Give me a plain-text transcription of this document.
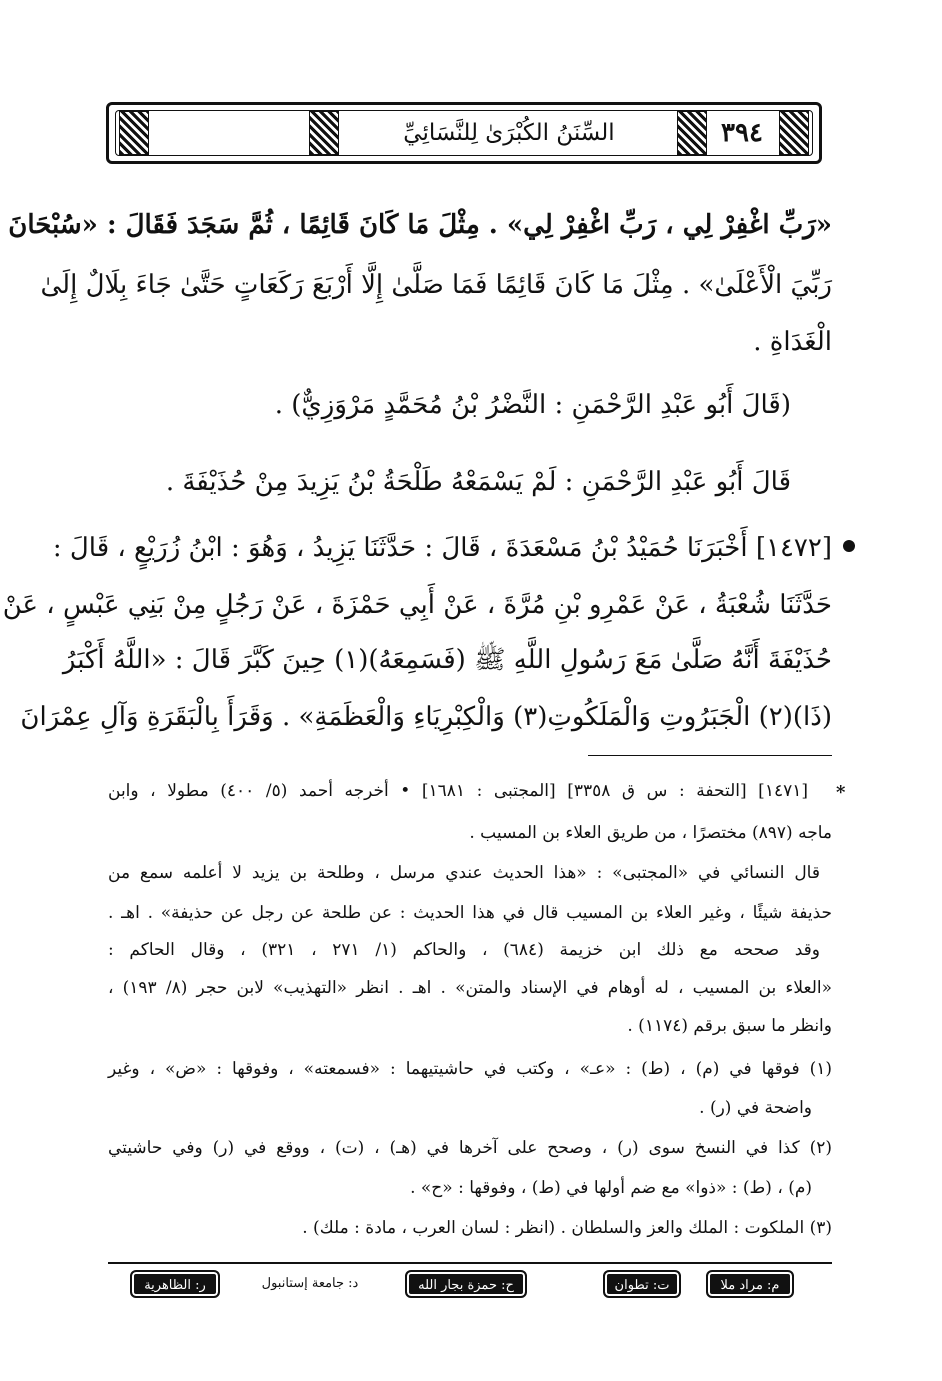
السِّنَنُ الكُبْرَىٰ لِلنَّسَائِيِّ	٣٩٤
«رَبِّ اغْفِرْ لِي ، رَبِّ اغْفِرْ لِي» . مِثْلَ مَا كَانَ قَائِمًا ، ثُمَّ سَجَدَ فَقَالَ : «سُبْحَانَ
رَبِّيَ الْأَعْلَىٰ» . مِثْلَ مَا كَانَ قَائِمًا فَمَا صَلَّىٰ إِلَّا أَرْبَعَ رَكَعَاتٍ حَتَّىٰ جَاءَ بِلَالٌ إِلَىٰ
الْغَدَاةِ .
(قَالَ أَبُو عَبْدِ الرَّحْمَنِ : النَّضْرُ بْنُ مُحَمَّدٍ مَرْوَزِيٌّ) .
قَالَ أَبُو عَبْدِ الرَّحْمَنِ : لَمْ يَسْمَعْهُ طَلْحَةُ بْنُ يَزِيدَ مِنْ حُذَيْفَةَ .
[١٤٧٢] أَخْبَرَنَا حُمَيْدُ بْنُ مَسْعَدَةَ ، قَالَ : حَدَّثَنَا يَزِيدُ ، وَهُوَ : ابْنُ زُرَيْعٍ ، قَالَ :
حَدَّثَنَا شُعْبَةُ ، عَنْ عَمْرِو بْنِ مُرَّةَ ، عَنْ أَبِي حَمْزَةَ ، عَنْ رَجُلٍ مِنْ بَنِي عَبْسٍ ، عَنْ
حُذَيْفَةَ أَنَّهُ صَلَّىٰ مَعَ رَسُولِ اللَّهِ ﷺ (فَسَمِعَهُ)(١) حِينَ كَبَّرَ قَالَ : «اللَّهُ أَكْبَرُ
(ذَا)(٢) الْجَبَرُوتِ وَالْمَلَكُوتِ(٣) وَالْكِبْرِيَاءِ وَالْعَظَمَةِ» . وَقَرَأَ بِالْبَقَرَةِ وَآلِ عِمْرَانَ
*
[١٤٧١] [التحفة : س ق ٣٣٥٨] [المجتبى : ١٦٨١] • أخرجه أحمد (٥/ ٤٠٠) مطولا ، وابن
ماجه (٨٩٧) مختصرًا ، من طريق العلاء بن المسيب .
قال النسائي في «المجتبى» : «هذا الحديث عندي مرسل ، وطلحة بن يزيد لا أعلمه سمع من
حذيفة شيئًا ، وغير العلاء بن المسيب قال في هذا الحديث : عن طلحة عن رجل عن حذيفة» . اهـ .
وقد صححه مع ذلك ابن خزيمة (٦٨٤) ، والحاكم (١/ ٢٧١ ، ٣٢١) ، وقال الحاكم :
«العلاء بن المسيب ، له أوهام في الإسناد والمتن» . اهـ . انظر «التهذيب» لابن حجر (٨/ ١٩٣) ،
وانظر ما سبق برقم (١١٧٤) .
(١) فوقها في (م) ، (ط) : «عـ» ، وكتب في حاشيتيهما : «فسمعته» ، وفوقها : «ض» ، وغير
واضحة في (ر) .
(٢) كذا في النسخ سوى (ر) ، وصحح على آخرها في (هـ) ، (ت) ، ووقع في (ر) وفي حاشيتي
(م) ، (ط) : «ذوا» مع ضم أولها في (ط) ، وفوقها : «ح» .
(٣) الملكوت : الملك والعز والسلطان . (انظر : لسان العرب ، مادة : ملك) .
م: مراد ملا
ت: تطوان
ح: حمزة بجار الله
د: جامعة إستانبول
ر: الظاهرية
